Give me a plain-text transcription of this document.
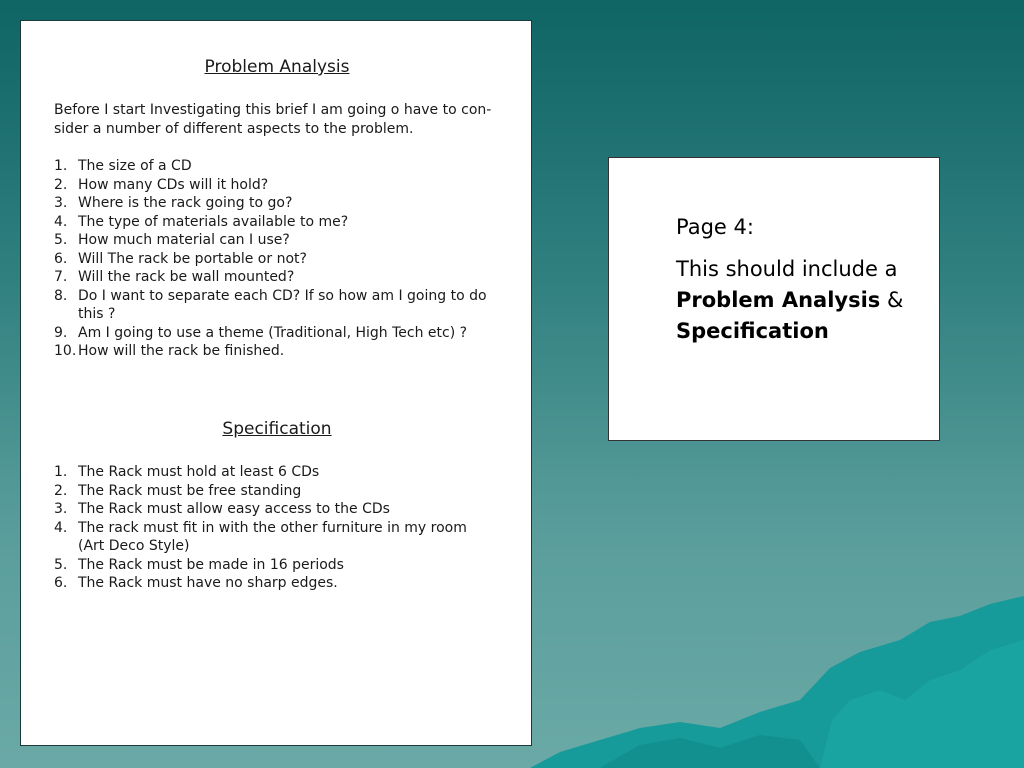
Problem Analysis

Before I start Investigating this brief I am going o have to con- sider a number of different aspects to the problem.

1. The size of a CD
2. How many CDs will it hold?
3. Where is the rack going to go?
4. The type of materials available to me?
5. How much material can I use?
6. Will The rack be portable or not?
7. Will the rack be wall mounted?
8. Do I want to separate each CD? If so how am I going to do this ?
9. Am I going to use a theme (Traditional, High Tech etc) ?
10. How will the rack be finished.
Specification
1. The Rack must hold at least 6 CDs
2. The Rack must be free standing
3. The Rack must allow easy access to the CDs
4. The rack must fit in with the other furniture in my room (Art Deco Style)
5. The Rack must be made in 16 periods
6. The Rack must have no sharp edges.

Page 4:

This should include a Problem Analysis & Specification
